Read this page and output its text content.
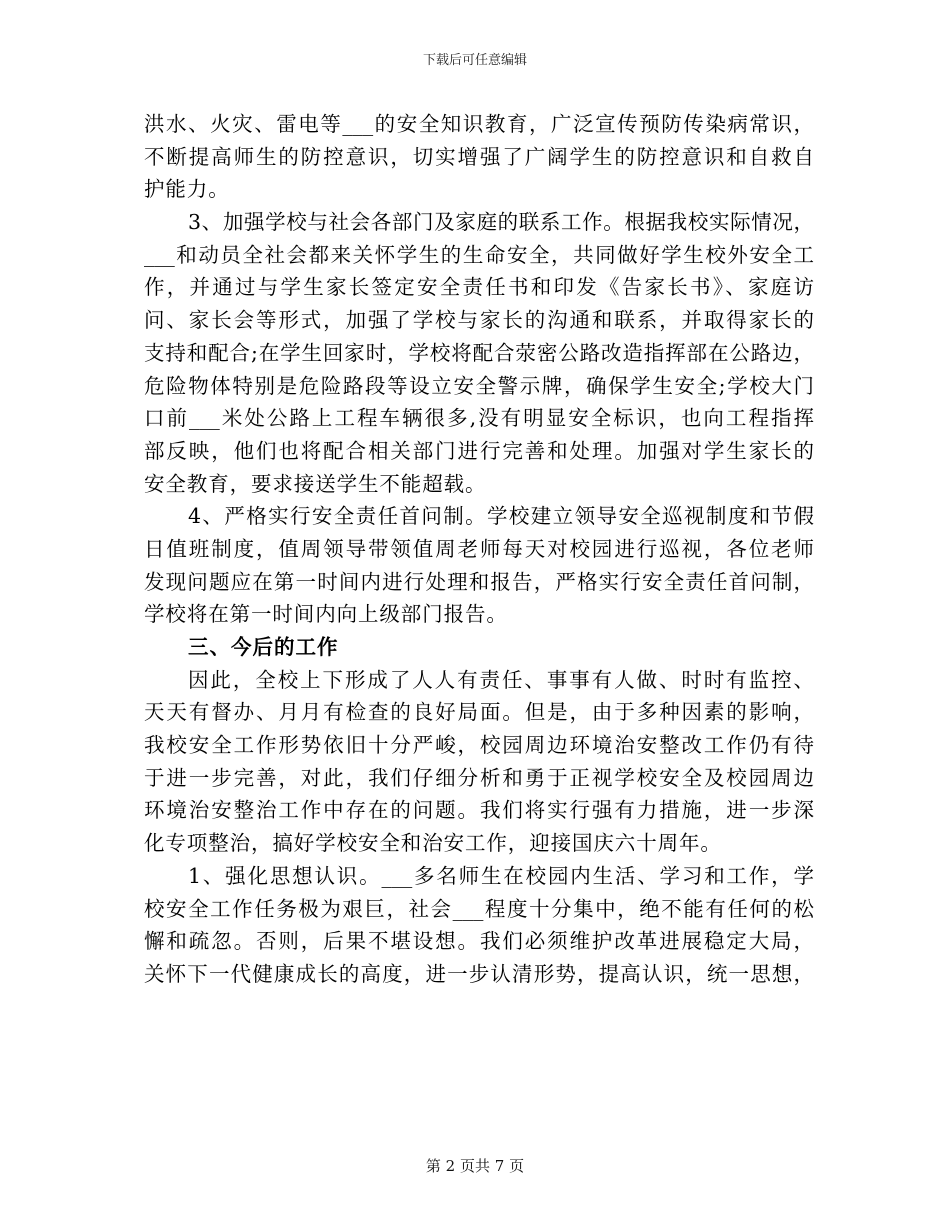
下载后可任意编辑
洪水、火灾、雷电等___的安全知识教育，广泛宣传预防传染病常识，
不断提高师生的防控意识，切实增强了广阔学生的防控意识和自救自
护能力。
3、加强学校与社会各部门及家庭的联系工作。根据我校实际情况，
___和动员全社会都来关怀学生的生命安全，共同做好学生校外安全工
作，并通过与学生家长签定安全责任书和印发《告家长书》、家庭访
问、家长会等形式，加强了学校与家长的沟通和联系，并取得家长的
支持和配合;在学生回家时，学校将配合荥密公路改造指挥部在公路边，
危险物体特别是危险路段等设立安全警示牌，确保学生安全;学校大门
口前___米处公路上工程车辆很多,没有明显安全标识，也向工程指挥
部反映，他们也将配合相关部门进行完善和处理。加强对学生家长的
安全教育，要求接送学生不能超载。
4、严格实行安全责任首问制。学校建立领导安全巡视制度和节假
日值班制度，值周领导带领值周老师每天对校园进行巡视，各位老师
发现问题应在第一时间内进行处理和报告，严格实行安全责任首问制，
学校将在第一时间内向上级部门报告。
三、今后的工作
因此，全校上下形成了人人有责任、事事有人做、时时有监控、
天天有督办、月月有检查的良好局面。但是，由于多种因素的影响，
我校安全工作形势依旧十分严峻，校园周边环境治安整改工作仍有待
于进一步完善，对此，我们仔细分析和勇于正视学校安全及校园周边
环境治安整治工作中存在的问题。我们将实行强有力措施，进一步深
化专项整治，搞好学校安全和治安工作，迎接国庆六十周年。
1、强化思想认识。___多名师生在校园内生活、学习和工作，学
校安全工作任务极为艰巨，社会___程度十分集中，绝不能有任何的松
懈和疏忽。否则，后果不堪设想。我们必须维护改革进展稳定大局，
关怀下一代健康成长的高度，进一步认清形势，提高认识，统一思想，
第 2 页共 7 页
